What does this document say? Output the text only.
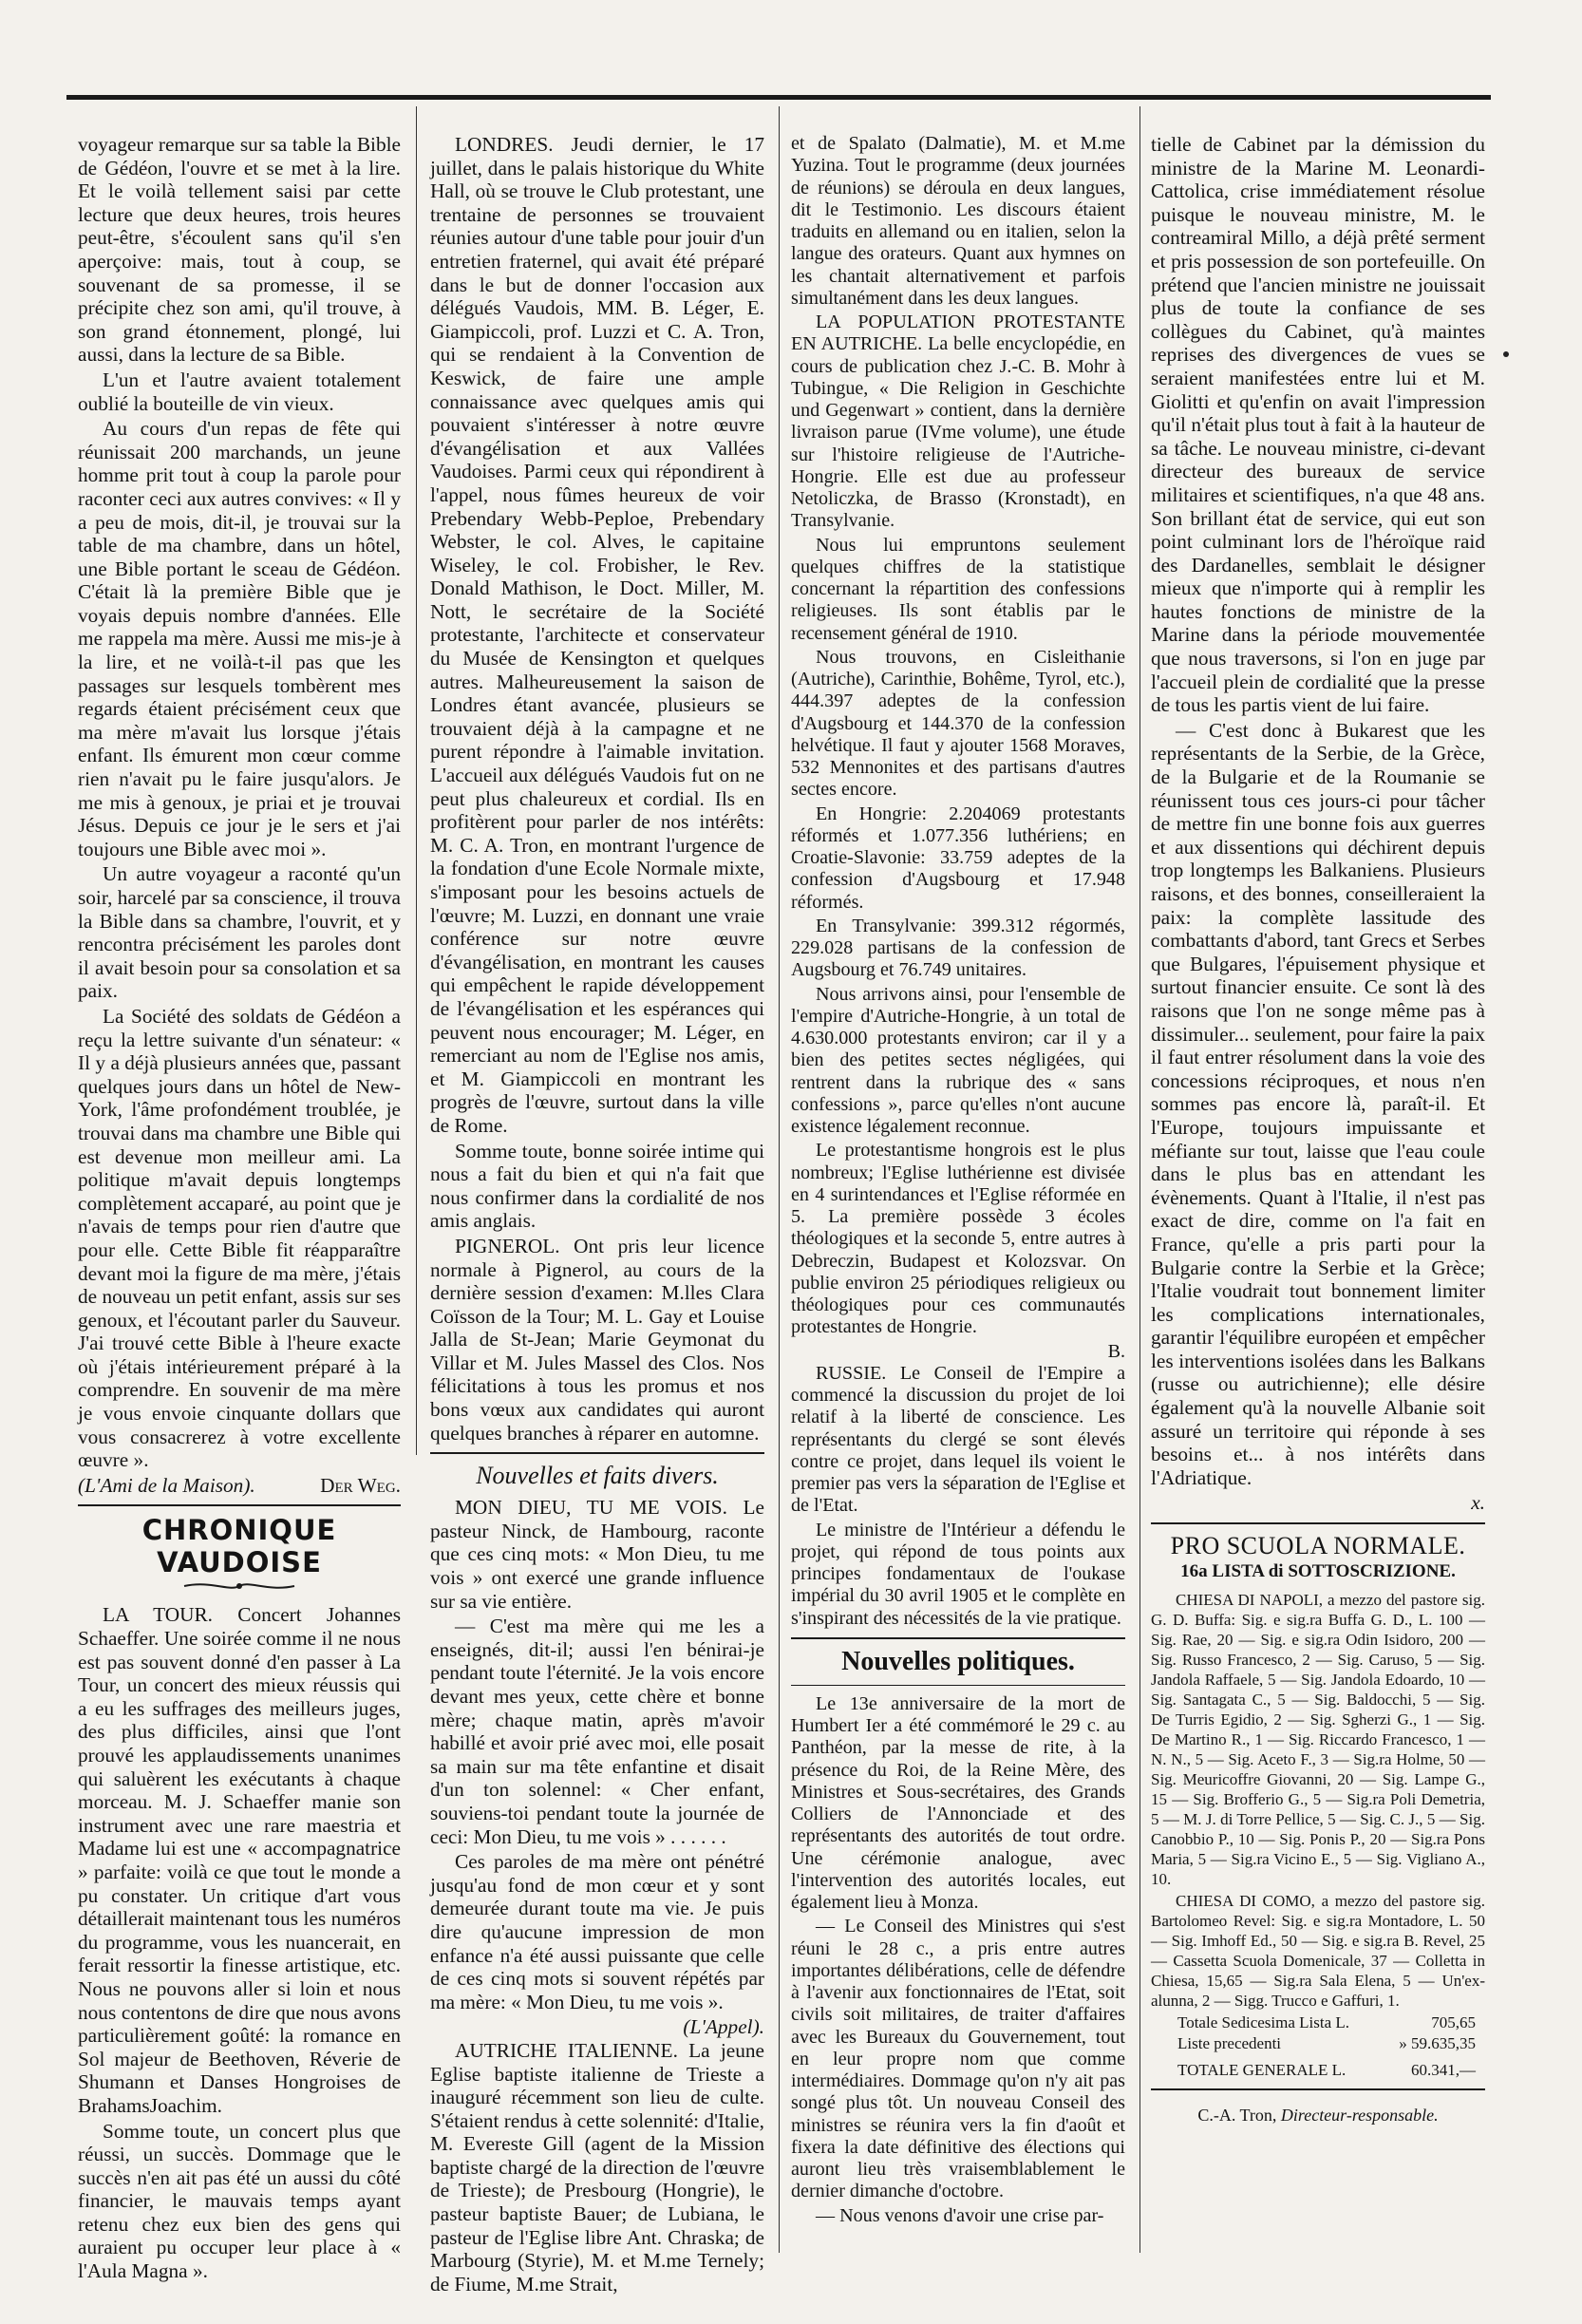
voyageur remarque sur sa table la Bible de Gédéon, l'ouvre et se met à la lire. Et le voilà tellement saisi par cette lecture que deux heures, trois heures peut-être, s'écoulent sans qu'il s'en aperçoive: mais, tout à coup, se souvenant de sa promesse, il se précipite chez son ami, qu'il trouve, à son grand étonnement, plongé, lui aussi, dans la lecture de sa Bible.

L'un et l'autre avaient totalement oublié la bouteille de vin vieux.

Au cours d'un repas de fête qui réunissait 200 marchands, un jeune homme prit tout à coup la parole pour raconter ceci aux autres convives: « Il y a peu de mois, dit-il, je trouvai sur la table de ma chambre, dans un hôtel, une Bible portant le sceau de Gédéon. C'était là la première Bible que je voyais depuis nombre d'années. Elle me rappela ma mère. Aussi me mis-je à la lire, et ne voilà-t-il pas que les passages sur lesquels tombèrent mes regards étaient précisément ceux que ma mère m'avait lus lorsque j'étais enfant. Ils émurent mon cœur comme rien n'avait pu le faire jusqu'alors. Je me mis à genoux, je priai et je trouvai Jésus. Depuis ce jour je le sers et j'ai toujours une Bible avec moi ».

Un autre voyageur a raconté qu'un soir, harcelé par sa conscience, il trouva la Bible dans sa chambre, l'ouvrit, et y rencontra précisément les paroles dont il avait besoin pour sa consolation et sa paix.

La Société des soldats de Gédéon a reçu la lettre suivante d'un sénateur: « Il y a déjà plusieurs années que, passant quelques jours dans un hôtel de New-York, l'âme profondément troublée, je trouvai dans ma chambre une Bible qui est devenue mon meilleur ami. La politique m'avait depuis longtemps complètement accaparé, au point que je n'avais de temps pour rien d'autre que pour elle. Cette Bible fit réapparaître devant moi la figure de ma mère, j'étais de nouveau un petit enfant, assis sur ses genoux, et l'écoutant parler du Sauveur. J'ai trouvé cette Bible à l'heure exacte où j'étais intérieurement préparé à la comprendre. En souvenir de ma mère je vous envoie cinquante dollars que vous consacrerez à votre excellente œuvre ».

(L'Ami de la Maison).	Der Weg.
CHRONIQUE VAUDOISE

LA TOUR. Concert Johannes Schaeffer. Une soirée comme il ne nous est pas souvent donné d'en passer à La Tour, un concert des mieux réussis qui a eu les suffrages des meilleurs juges, des plus difficiles, ainsi que l'ont prouvé les applaudissements unanimes qui saluèrent les exécutants à chaque morceau. M. J. Schaeffer manie son instrument avec une rare maestria et Madame lui est une « accompagnatrice » parfaite: voilà ce que tout le monde a pu constater. Un critique d'art vous détaillerait maintenant tous les numéros du programme, vous les nuancerait, en ferait ressortir la finesse artistique, etc. Nous ne pouvons aller si loin et nous nous contentons de dire que nous avons particulièrement goûté: la romance en Sol majeur de Beethoven, Réverie de Shumann et Danses Hongroises de BrahamsJoachim.

Somme toute, un concert plus que réussi, un succès. Dommage que le succès n'en ait pas été un aussi du côté financier, le mauvais temps ayant retenu chez eux bien des gens qui auraient pu occuper leur place à « l'Aula Magna ».

LONDRES. Jeudi dernier, le 17 juillet, dans le palais historique du White Hall, où se trouve le Club protestant, une trentaine de personnes se trouvaient réunies autour d'une table pour jouir d'un entretien fraternel, qui avait été préparé dans le but de donner l'occasion aux délégués Vaudois, MM. B. Léger, E. Giampiccoli, prof. Luzzi et C. A. Tron, qui se rendaient à la Convention de Keswick, de faire une ample connaissance avec quelques amis qui pouvaient s'intéresser à notre œuvre d'évangélisation et aux Vallées Vaudoises. Parmi ceux qui répondirent à l'appel, nous fûmes heureux de voir Prebendary Webb-Peploe, Prebendary Webster, le col. Alves, le capitaine Wiseley, le col. Frobisher, le Rev. Donald Mathison, le Doct. Miller, M. Nott, le secrétaire de la Société protestante, l'architecte et conservateur du Musée de Kensington et quelques autres. Malheureusement la saison de Londres étant avancée, plusieurs se trouvaient déjà à la campagne et ne purent répondre à l'aimable invitation. L'accueil aux délégués Vaudois fut on ne peut plus chaleureux et cordial. Ils en profitèrent pour parler de nos intérêts: M. C. A. Tron, en montrant l'urgence de la fondation d'une Ecole Normale mixte, s'imposant pour les besoins actuels de l'œuvre; M. Luzzi, en donnant une vraie conférence sur notre œuvre d'évangélisation, en montrant les causes qui empêchent le rapide développement de l'évangélisation et les espérances qui peuvent nous encourager; M. Léger, en remerciant au nom de l'Eglise nos amis, et M. Giampiccoli en montrant les progrès de l'œuvre, surtout dans la ville de Rome.

Somme toute, bonne soirée intime qui nous a fait du bien et qui n'a fait que nous confirmer dans la cordialité de nos amis anglais.

PIGNEROL. Ont pris leur licence normale à Pignerol, au cours de la dernière session d'examen: M.lles Clara Coïsson de la Tour; M. L. Gay et Louise Jalla de St-Jean; Marie Geymonat du Villar et M. Jules Massel des Clos. Nos félicitations à tous les promus et nos bons vœux aux candidates qui auront quelques branches à réparer en automne.

Nouvelles et faits divers.

MON DIEU, TU ME VOIS. Le pasteur Ninck, de Hambourg, raconte que ces cinq mots: « Mon Dieu, tu me vois » ont exercé une grande influence sur sa vie entière.

— C'est ma mère qui me les a enseignés, dit-il; aussi l'en bénirai-je pendant toute l'éternité. Je la vois encore devant mes yeux, cette chère et bonne mère; chaque matin, après m'avoir habillé et avoir prié avec moi, elle posait sa main sur ma tête enfantine et disait d'un ton solennel: « Cher enfant, souviens-toi pendant toute la journée de ceci: Mon Dieu, tu me vois » . . . . . .

Ces paroles de ma mère ont pénétré jusqu'au fond de mon cœur et y sont demeurée durant toute ma vie. Je puis dire qu'aucune impression de mon enfance n'a été aussi puissante que celle de ces cinq mots si souvent répétés par ma mère: « Mon Dieu, tu me vois ».

(L'Appel).

AUTRICHE ITALIENNE. La jeune Eglise baptiste italienne de Trieste a inauguré récemment son lieu de culte. S'étaient rendus à cette solennité: d'Italie, M. Evereste Gill (agent de la Mission baptiste chargé de la direction de l'œuvre de Trieste); de Presbourg (Hongrie), le pasteur baptiste Bauer; de Lubiana, le pasteur de l'Eglise libre Ant. Chraska; de Marbourg (Styrie), M. et M.me Ternely; de Fiume, M.me Strait,

et de Spalato (Dalmatie), M. et M.me Yuzina. Tout le programme (deux journées de réunions) se déroula en deux langues, dit le Testimonio. Les discours étaient traduits en allemand ou en italien, selon la langue des orateurs. Quant aux hymnes on les chantait alternativement et parfois simultanément dans les deux langues.

LA POPULATION PROTESTANTE EN AUTRICHE. La belle encyclopédie, en cours de publication chez J.-C. B. Mohr à Tubingue, « Die Religion in Geschichte und Gegenwart » contient, dans la dernière livraison parue (IVme volume), une étude sur l'histoire religieuse de l'Autriche-Hongrie. Elle est due au professeur Netoliczka, de Brasso (Kronstadt), en Transylvanie.

Nous lui empruntons seulement quelques chiffres de la statistique concernant la répartition des confessions religieuses. Ils sont établis par le recensement général de 1910.

Nous trouvons, en Cisleithanie (Autriche), Carinthie, Bohême, Tyrol, etc.), 444.397 adeptes de la confession d'Augsbourg et 144.370 de la confession helvétique. Il faut y ajouter 1568 Moraves, 532 Mennonites et des partisans d'autres sectes encore.

En Hongrie: 2.204069 protestants réformés et 1.077.356 luthériens; en Croatie-Slavonie: 33.759 adeptes de la confession d'Augsbourg et 17.948 réformés.

En Transylvanie: 399.312 régormés, 229.028 partisans de la confession de Augsbourg et 76.749 unitaires.

Nous arrivons ainsi, pour l'ensemble de l'empire d'Autriche-Hongrie, à un total de 4.630.000 protestants environ; car il y a bien des petites sectes négligées, qui rentrent dans la rubrique des « sans confessions », parce qu'elles n'ont aucune existence légalement reconnue.

Le protestantisme hongrois est le plus nombreux; l'Eglise luthérienne est divisée en 4 surintendances et l'Eglise réformée en 5. La première possède 3 écoles théologiques et la seconde 5, entre autres à Debreczin, Budapest et Kolozsvar. On publie environ 25 périodiques religieux ou théologiques pour ces communautés protestantes de Hongrie.

B.

RUSSIE. Le Conseil de l'Empire a commencé la discussion du projet de loi relatif à la liberté de conscience. Les représentants du clergé se sont élevés contre ce projet, dans lequel ils voient le premier pas vers la séparation de l'Eglise et de l'Etat.

Le ministre de l'Intérieur a défendu le projet, qui répond de tous points aux principes fondamentaux de l'oukase impérial du 30 avril 1905 et le complète en s'inspirant des nécessités de la vie pratique.

Nouvelles politiques.

Le 13e anniversaire de la mort de Humbert Ier a été commémoré le 29 c. au Panthéon, par la messe de rite, à la présence du Roi, de la Reine Mère, des Ministres et Sous-secrétaires, des Grands Colliers de l'Annonciade et des représentants des autorités de tout ordre. Une cérémonie analogue, avec l'intervention des autorités locales, eut également lieu à Monza.

— Le Conseil des Ministres qui s'est réuni le 28 c., a pris entre autres importantes délibérations, celle de défendre à l'avenir aux fonctionnaires de l'Etat, soit civils soit militaires, de traiter d'affaires avec les Bureaux du Gouvernement, tout en leur propre nom que comme intermédiaires. Dommage qu'on n'y ait pas songé plus tôt. Un nouveau Conseil des ministres se réunira vers la fin d'août et fixera la date définitive des élections qui auront lieu très vraisemblablement le dernier dimanche d'octobre.

— Nous venons d'avoir une crise par-

tielle de Cabinet par la démission du ministre de la Marine M. Leonardi-Cattolica, crise immédiatement résolue puisque le nouveau ministre, M. le contreamiral Millo, a déjà prêté serment et pris possession de son portefeuille. On prétend que l'ancien ministre ne jouissait plus de toute la confiance de ses collègues du Cabinet, qu'à maintes reprises des divergences de vues se seraient manifestées entre lui et M. Giolitti et qu'enfin on avait l'impression qu'il n'était plus tout à fait à la hauteur de sa tâche. Le nouveau ministre, ci-devant directeur des bureaux de service militaires et scientifiques, n'a que 48 ans. Son brillant état de service, qui eut son point culminant lors de l'héroïque raid des Dardanelles, semblait le désigner mieux que n'importe qui à remplir les hautes fonctions de ministre de la Marine dans la période mouvementée que nous traversons, si l'on en juge par l'accueil plein de cordialité que la presse de tous les partis vient de lui faire.

— C'est donc à Bukarest que les représentants de la Serbie, de la Grèce, de la Bulgarie et de la Roumanie se réunissent tous ces jours-ci pour tâcher de mettre fin une bonne fois aux guerres et aux dissentions qui déchirent depuis trop longtemps les Balkaniens. Plusieurs raisons, et des bonnes, conseilleraient la paix: la complète lassitude des combattants d'abord, tant Grecs et Serbes que Bulgares, l'épuisement physique et surtout financier ensuite. Ce sont là des raisons que l'on ne songe même pas à dissimuler... seulement, pour faire la paix il faut entrer résolument dans la voie des concessions réciproques, et nous n'en sommes pas encore là, paraît-il. Et l'Europe, toujours impuissante et méfiante sur tout, laisse que l'eau coule dans le plus bas en attendant les évènements. Quant à l'Italie, il n'est pas exact de dire, comme on l'a fait en France, qu'elle a pris parti pour la Bulgarie contre la Serbie et la Grèce; l'Italie voudrait tout bonnement limiter les complications internationales, garantir l'équilibre européen et empêcher les interventions isolées dans les Balkans (russe ou autrichienne); elle désire également qu'à la nouvelle Albanie soit assuré un territoire qui réponde à ses besoins et... à nos intérêts dans l'Adriatique.

x.
PRO SCUOLA NORMALE.
16a LISTA di SOTTOSCRIZIONE.

CHIESA DI NAPOLI, a mezzo del pastore sig. G. D. Buffa: Sig. e sig.ra Buffa G. D., L. 100 — Sig. Rae, 20 — Sig. e sig.ra Odin Isidoro, 200 — Sig. Russo Francesco, 2 — Sig. Caruso, 5 — Sig. Jandola Raffaele, 5 — Sig. Jandola Edoardo, 10 — Sig. Santagata C., 5 — Sig. Baldocchi, 5 — Sig. De Turris Egidio, 2 — Sig. Sgherzi G., 1 — Sig. De Martino R., 1 — Sig. Riccardo Francesco, 1 — N. N., 5 — Sig. Aceto F., 3 — Sig.ra Holme, 50 — Sig. Meuricoffre Giovanni, 20 — Sig. Lampe G., 15 — Sig. Brofferio G., 5 — Sig.ra Poli Demetria, 5 — M. J. di Torre Pellice, 5 — Sig. C. J., 5 — Sig. Canobbio P., 10 — Sig. Ponis P., 20 — Sig.ra Pons Maria, 5 — Sig.ra Vicino E., 5 — Sig. Vigliano A., 10.

CHIESA DI COMO, a mezzo del pastore sig. Bartolomeo Revel: Sig. e sig.ra Montadore, L. 50 — Sig. Imhoff Ed., 50 — Sig. e sig.ra B. Revel, 25 — Cassetta Scuola Domenicale, 37 — Colletta in Chiesa, 15,65 — Sig.ra Sala Elena, 5 — Un'ex-alunna, 2 — Sigg. Trucco e Gaffuri, 1.

Totale Sedicesima Lista L.	705,65
Liste precedenti	» 59.635,35
TOTALE GENERALE L.	60.341,—
C.-A. Tron, Directeur-responsable.
